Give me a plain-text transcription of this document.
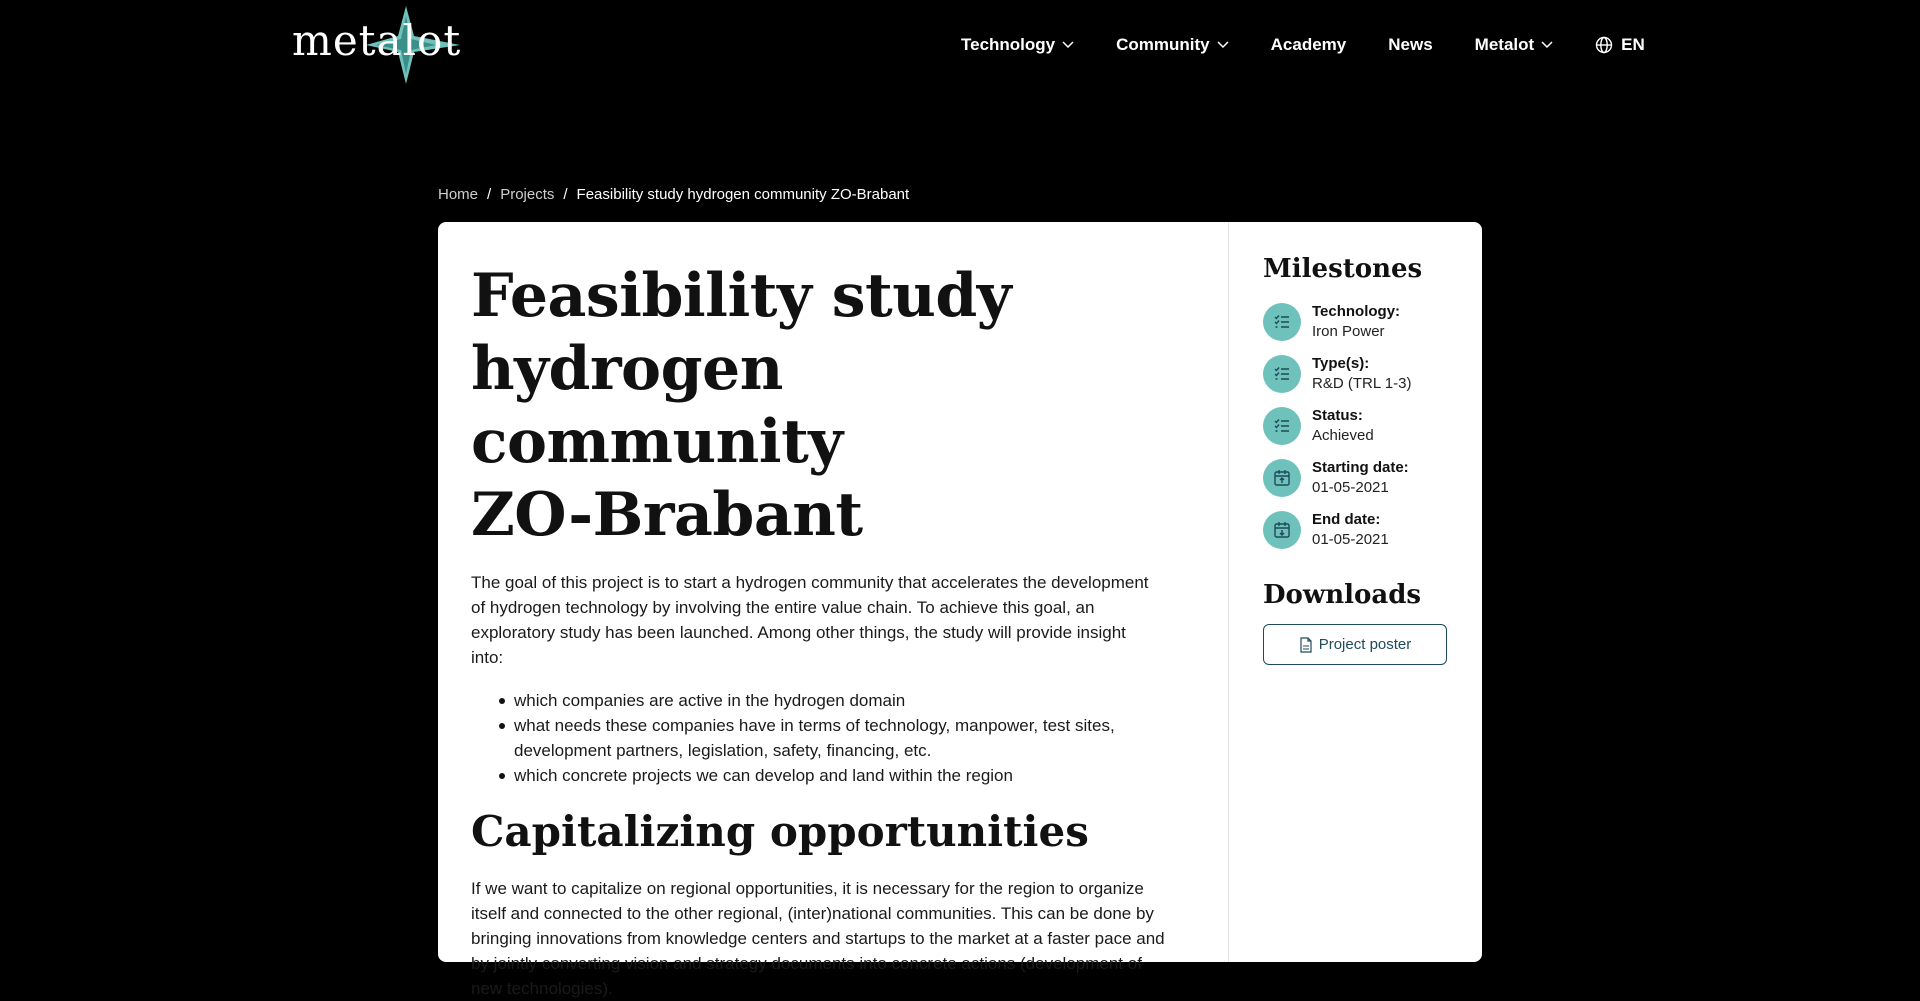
metalot	Technology	Community	Academy News Metalot	EN
Home / Projects / Feasibility study hydrogen community ZO-Brabant
Feasibility study
hydrogen community
ZO-Brabant

The goal of this project is to start a hydrogen community that accelerates the development of hydrogen technology by involving the entire value chain. To achieve this goal, an exploratory study has been launched. Among other things, the study will provide insight into:

which companies are active in the hydrogen domain
what needs these companies have in terms of technology, manpower, test sites, development partners, legislation, safety, financing, etc.
which concrete projects we can develop and land within the region
Capitalizing opportunities

If we want to capitalize on regional opportunities, it is necessary for the region to organize itself and connected to the other regional, (inter)national communities. This can be done by bringing innovations from knowledge centers and startups to the market at a faster pace and by jointly converting vision and strategy documents into concrete actions (development of new technologies).

Milestones
Technology:
Iron Power
Type(s):
R&D (TRL 1-3)
Status:
Achieved
Starting date:
01-05-2021
End date:
01-05-2021
Downloads
Project poster
